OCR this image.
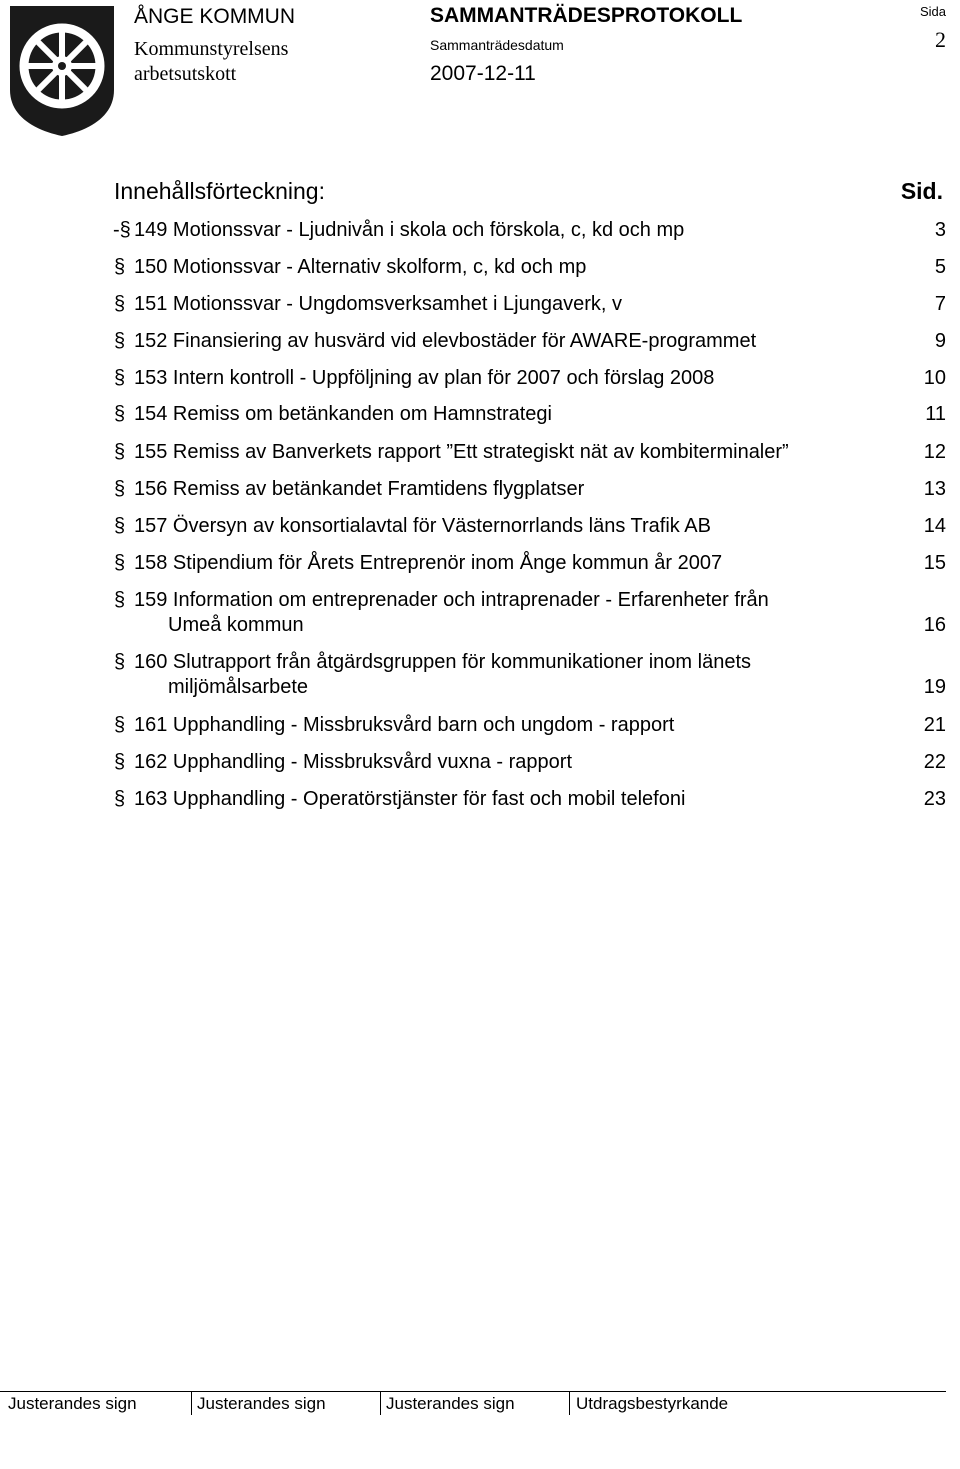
ÅNGE KOMMUN
Kommunstyrelsens
arbetsutskott
SAMMANTRÄDESPROTOKOLL
Sammanträdesdatum
2007-12-11
Sida
2
Innehållsförteckning:	Sid.
-§ 149 Motionssvar - Ljudnivån i skola och förskola, c, kd och mp	3
§ 150 Motionssvar - Alternativ skolform, c, kd och mp	5
§ 151 Motionssvar - Ungdomsverksamhet i Ljungaverk, v	7
§ 152 Finansiering av husvärd vid elevbostäder för AWARE-programmet	9
§ 153 Intern kontroll - Uppföljning av plan för 2007 och förslag 2008	10
§ 154 Remiss om betänkanden om Hamnstrategi	11
§ 155 Remiss av Banverkets rapport ”Ett strategiskt nät av kombiterminaler”	12
§ 156 Remiss av betänkandet Framtidens flygplatser	13
§ 157 Översyn av konsortialavtal för Västernorrlands läns Trafik AB	14
§ 158 Stipendium för Årets Entreprenör inom Ånge kommun år 2007	15
§ 159 Information om entreprenader och intraprenader - Erfarenheter från
Umeå kommun	16
§ 160 Slutrapport från åtgärdsgruppen för kommunikationer inom länets
miljömålsarbete	19
§ 161 Upphandling - Missbruksvård barn och ungdom - rapport	21
§ 162 Upphandling - Missbruksvård vuxna - rapport	22
§ 163 Upphandling - Operatörstjänster för fast och mobil telefoni	23
Justerandes sign	Justerandes sign	Justerandes sign	Utdragsbestyrkande
